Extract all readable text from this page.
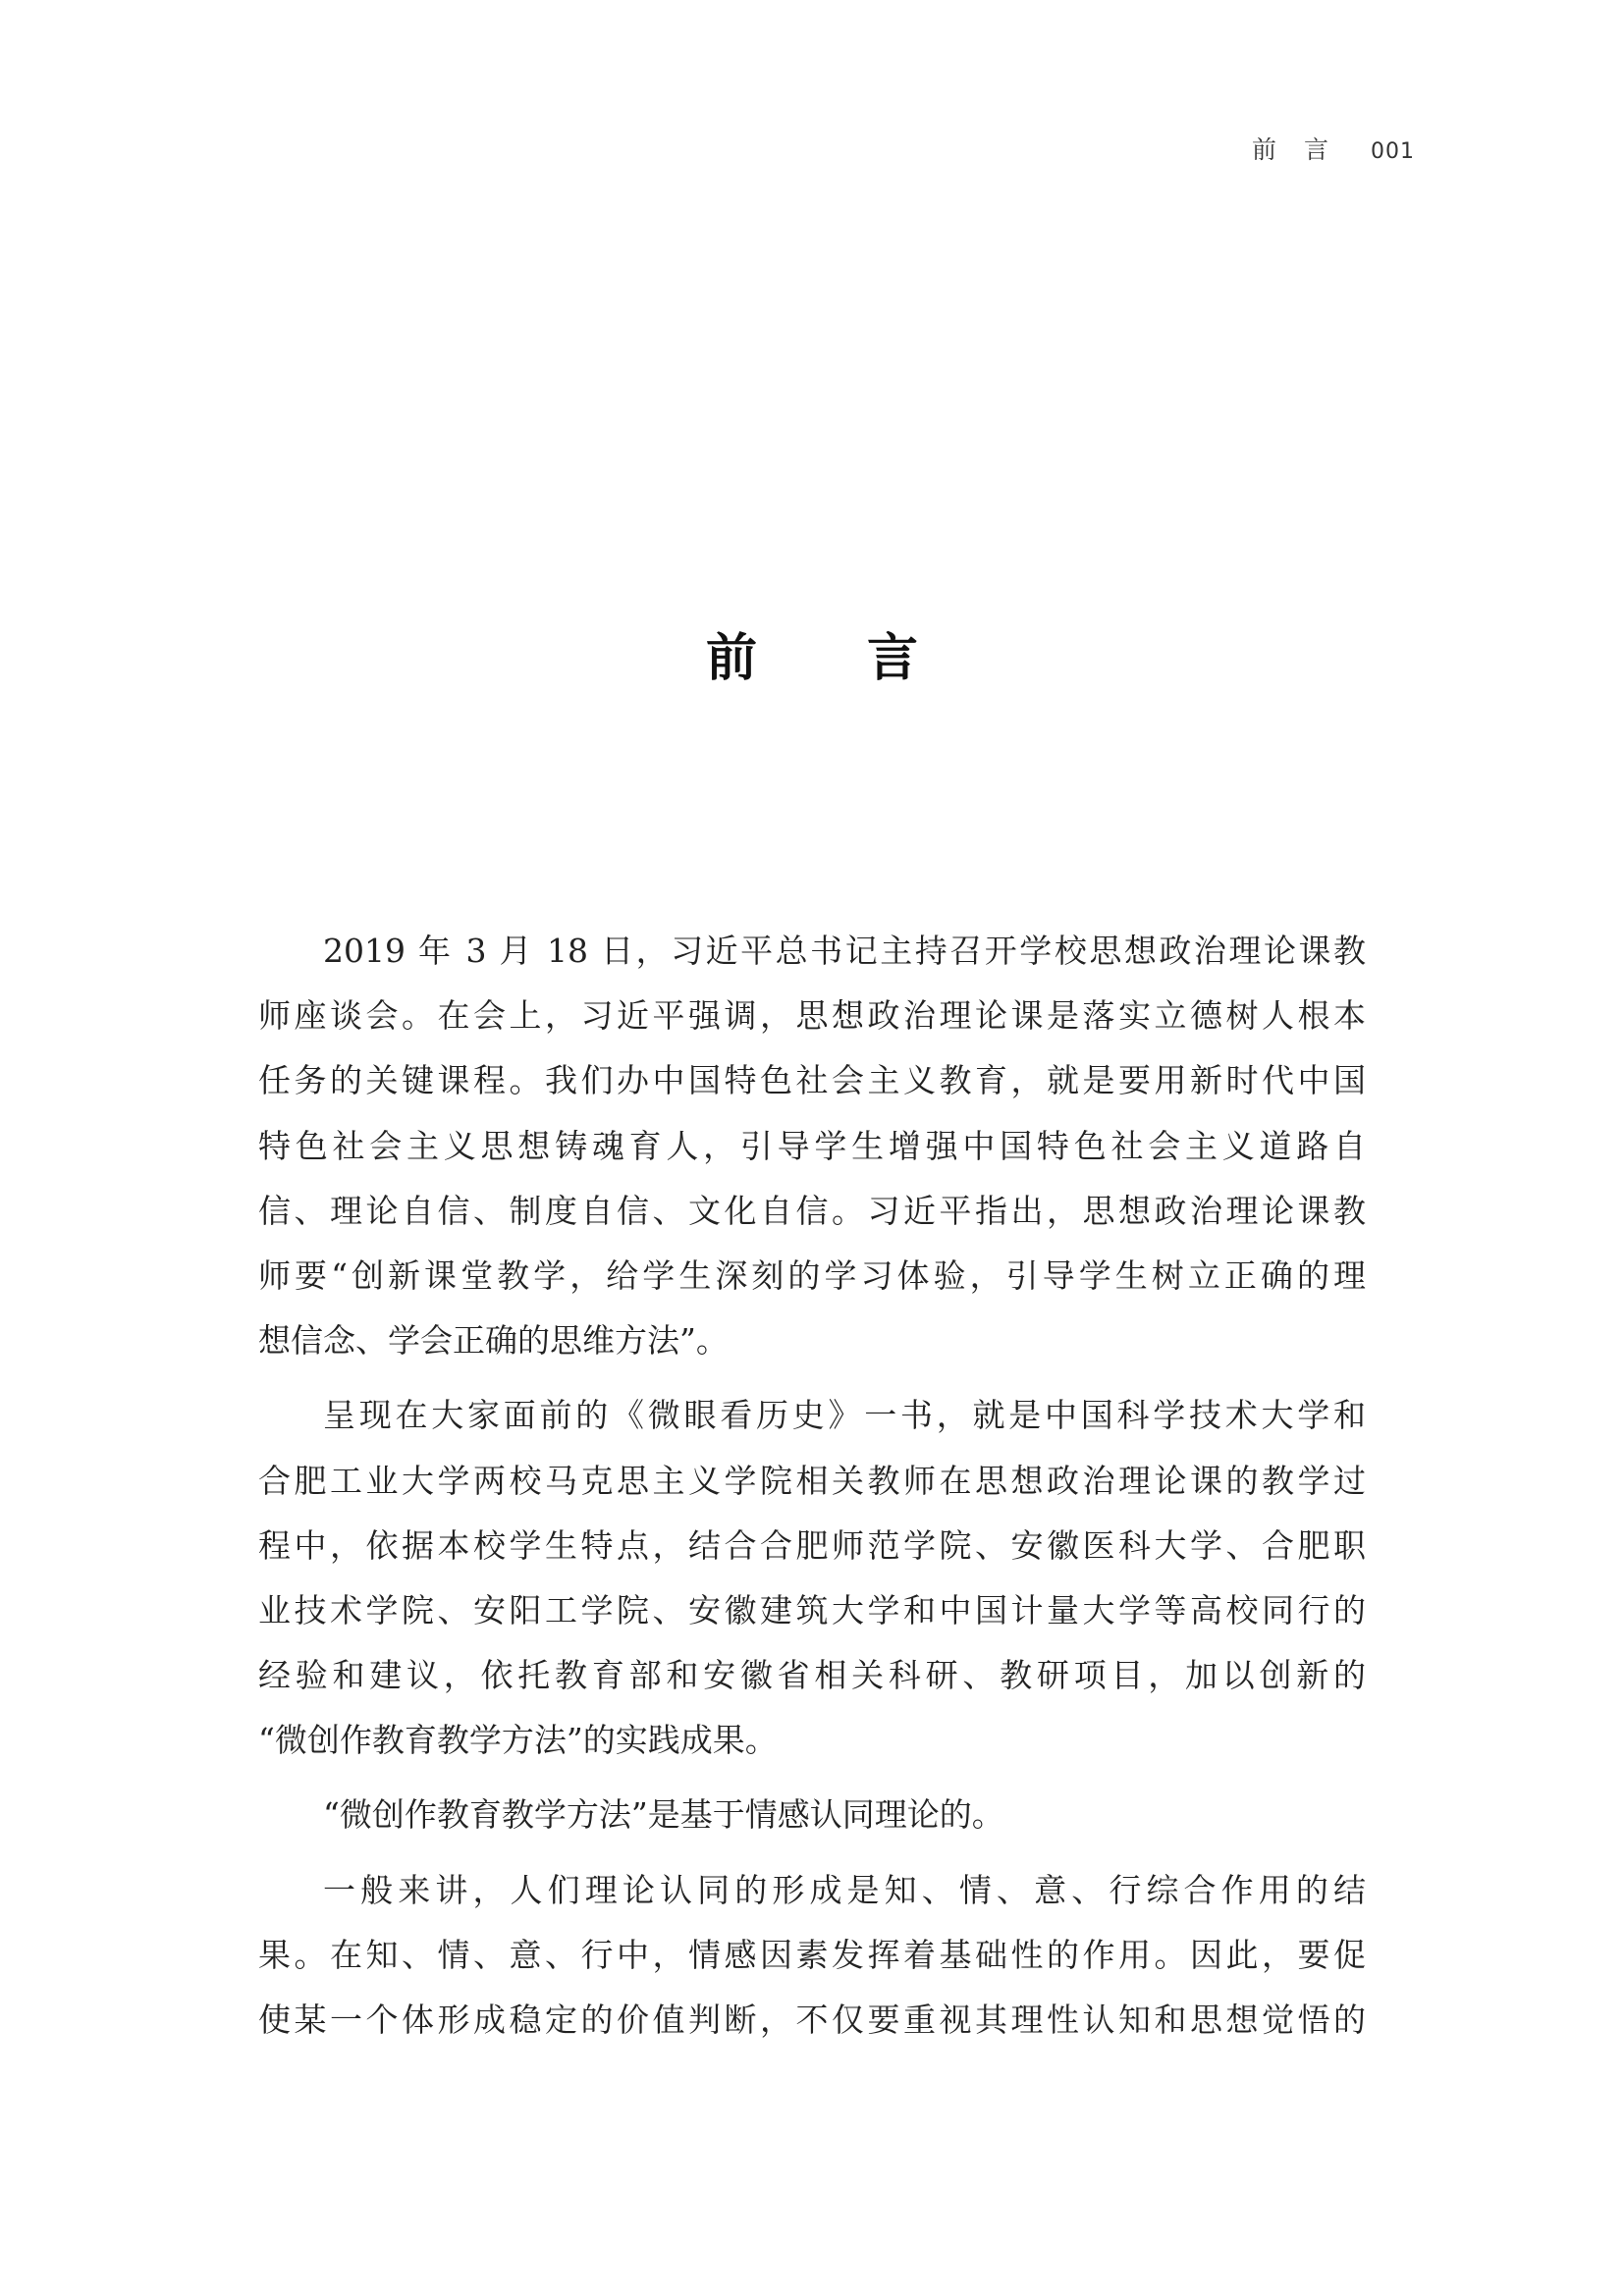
前言 001
前言
2019 年 3 月 18 日，习近平总书记主持召开学校思想政治理论课教
师座谈会。在会上，习近平强调，思想政治理论课是落实立德树人根本
任务的关键课程。我们办中国特色社会主义教育，就是要用新时代中国
特色社会主义思想铸魂育人，引导学生增强中国特色社会主义道路自
信、理论自信、制度自信、文化自信。习近平指出，思想政治理论课教
师要“创新课堂教学，给学生深刻的学习体验，引导学生树立正确的理
想信念、学会正确的思维方法”。
呈现在大家面前的《微眼看历史》一书，就是中国科学技术大学和
合肥工业大学两校马克思主义学院相关教师在思想政治理论课的教学过
程中，依据本校学生特点，结合合肥师范学院、安徽医科大学、合肥职
业技术学院、安阳工学院、安徽建筑大学和中国计量大学等高校同行的
经验和建议，依托教育部和安徽省相关科研、教研项目，加以创新的
“微创作教育教学方法”的实践成果。
“微创作教育教学方法”是基于情感认同理论的。
一般来讲，人们理论认同的形成是知、情、意、行综合作用的结
果。在知、情、意、行中，情感因素发挥着基础性的作用。因此，要促
使某一个体形成稳定的价值判断，不仅要重视其理性认知和思想觉悟的
